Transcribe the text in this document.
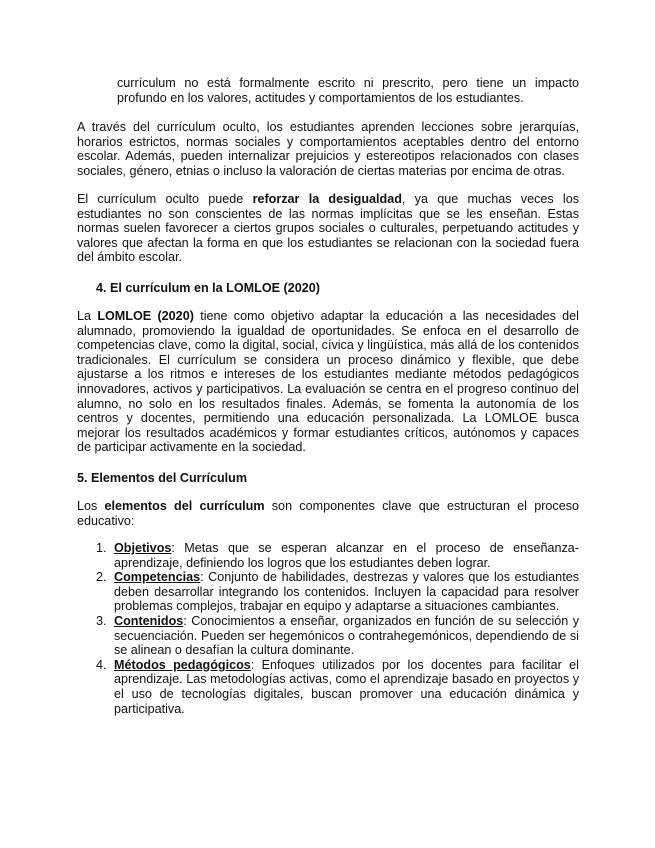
currículum no está formalmente escrito ni prescrito, pero tiene un impacto profundo en los valores, actitudes y comportamientos de los estudiantes.

A través del currículum oculto, los estudiantes aprenden lecciones sobre jerarquías, horarios estrictos, normas sociales y comportamientos aceptables dentro del entorno escolar. Además, pueden internalizar prejuicios y estereotipos relacionados con clases sociales, género, etnias o incluso la valoración de ciertas materias por encima de otras.

El currículum oculto puede reforzar la desigualdad, ya que muchas veces los estudiantes no son conscientes de las normas implícitas que se les enseñan. Estas normas suelen favorecer a ciertos grupos sociales o culturales, perpetuando actitudes y valores que afectan la forma en que los estudiantes se relacionan con la sociedad fuera del ámbito escolar.

4. El currículum en la LOMLOE (2020)

La LOMLOE (2020) tiene como objetivo adaptar la educación a las necesidades del alumnado, promoviendo la igualdad de oportunidades. Se enfoca en el desarrollo de competencias clave, como la digital, social, cívica y lingüística, más allá de los contenidos tradicionales. El currículum se considera un proceso dinámico y flexible, que debe ajustarse a los ritmos e intereses de los estudiantes mediante métodos pedagógicos innovadores, activos y participativos. La evaluación se centra en el progreso continuo del alumno, no solo en los resultados finales. Además, se fomenta la autonomía de los centros y docentes, permitiendo una educación personalizada. La LOMLOE busca mejorar los resultados académicos y formar estudiantes críticos, autónomos y capaces de participar activamente en la sociedad.

5. Elementos del Currículum

Los elementos del currículum son componentes clave que estructuran el proceso educativo:

1. Objetivos: Metas que se esperan alcanzar en el proceso de enseñanza-aprendizaje, definiendo los logros que los estudiantes deben lograr.
2. Competencias: Conjunto de habilidades, destrezas y valores que los estudiantes deben desarrollar integrando los contenidos. Incluyen la capacidad para resolver problemas complejos, trabajar en equipo y adaptarse a situaciones cambiantes.
3. Contenidos: Conocimientos a enseñar, organizados en función de su selección y secuenciación. Pueden ser hegemónicos o contrahegemónicos, dependiendo de si se alinean o desafían la cultura dominante.
4. Métodos pedagógicos: Enfoques utilizados por los docentes para facilitar el aprendizaje. Las metodologías activas, como el aprendizaje basado en proyectos y el uso de tecnologías digitales, buscan promover una educación dinámica y participativa.
